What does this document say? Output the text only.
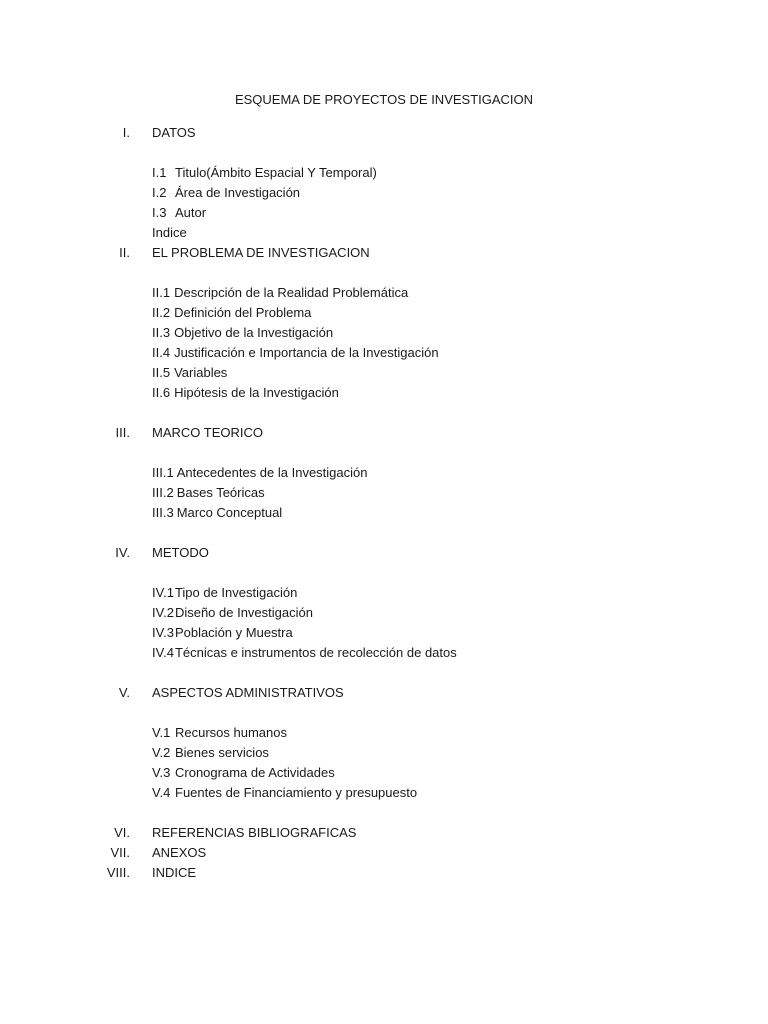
ESQUEMA DE PROYECTOS DE INVESTIGACION
I. DATOS
I.1 Titulo(Ámbito Espacial Y Temporal)
I.2 Área de Investigación
I.3 Autor
Indice
II. EL PROBLEMA DE INVESTIGACION
II.1 Descripción de la Realidad Problemática
II.2 Definición del Problema
II.3 Objetivo de la Investigación
II.4 Justificación e Importancia de la Investigación
II.5 Variables
II.6 Hipótesis de la Investigación
III. MARCO TEORICO
III.1 Antecedentes de la Investigación
III.2 Bases Teóricas
III.3 Marco Conceptual
IV. METODO
IV.1Tipo de Investigación
IV.2Diseño de Investigación
IV.3Población y Muestra
IV.4Técnicas e instrumentos de recolección de datos
V. ASPECTOS ADMINISTRATIVOS
V.1 Recursos humanos
V.2 Bienes servicios
V.3 Cronograma de Actividades
V.4 Fuentes de Financiamiento y presupuesto
VI. REFERENCIAS BIBLIOGRAFICAS
VII. ANEXOS
VIII. INDICE
